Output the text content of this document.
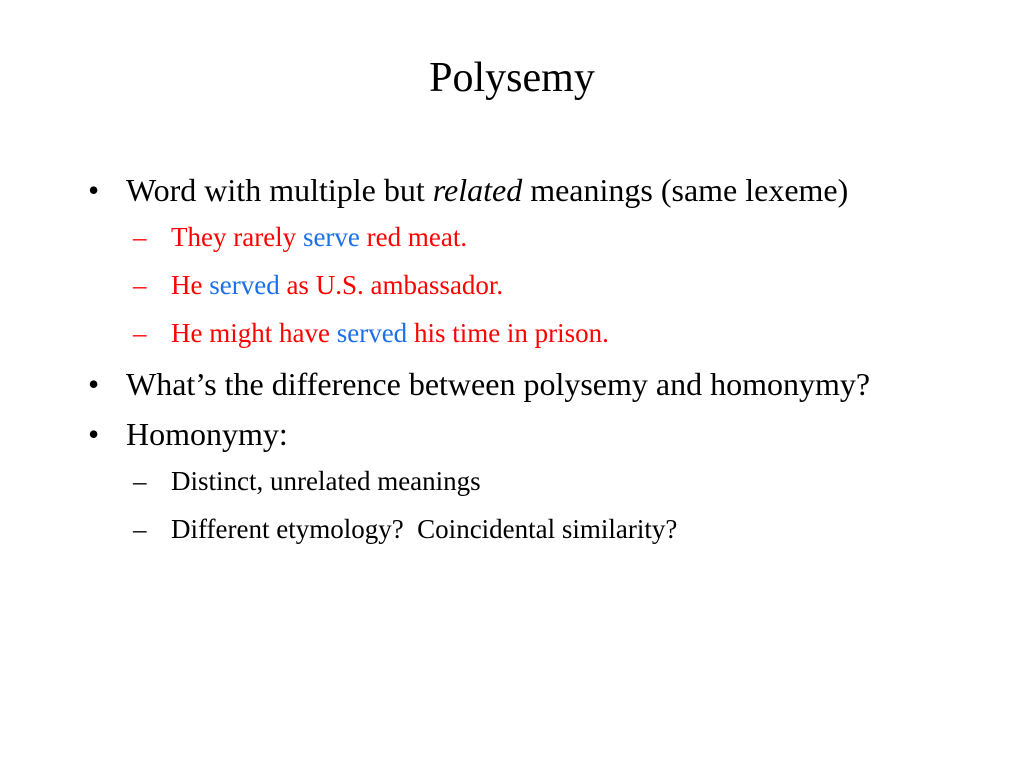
Polysemy
• Word with multiple but related meanings (same lexeme)
– They rarely serve red meat.
– He served as U.S. ambassador.
– He might have served his time in prison.
• What’s the difference between polysemy and homonymy?
• Homonymy:
– Distinct, unrelated meanings
– Different etymology?  Coincidental similarity?
